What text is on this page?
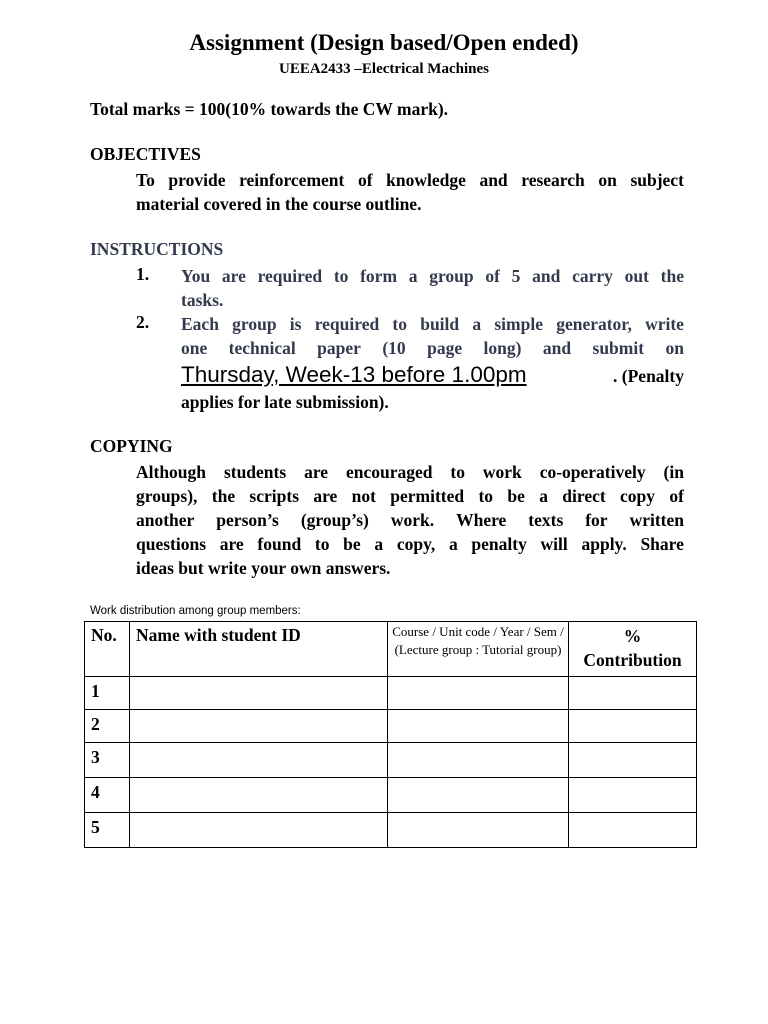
Assignment (Design based/Open ended)
UEEA2433 –Electrical Machines
Total marks = 100(10% towards the CW mark).
OBJECTIVES
To provide reinforcement of knowledge and research on subject
material covered in the course outline.
INSTRUCTIONS
1. You are required to form a group of 5 and carry out the
tasks.
2. Each group is required to build a simple generator, write
one technical paper (10 page long) and submit on
Thursday, Week-13 before 1.00pm	. (Penalty
applies for late submission).
COPYING
Although students are encouraged to work co-operatively (in
groups), the scripts are not permitted to be a direct copy of
another person’s (group’s) work. Where texts for written
questions are found to be a copy, a penalty will apply. Share
ideas but write your own answers.
Work distribution among group members:
No.	Name with student ID	Course / Unit code / Year / Sem / (Lecture group : Tutorial group)	%
Contribution

1			
2			
3			
4			
5			
